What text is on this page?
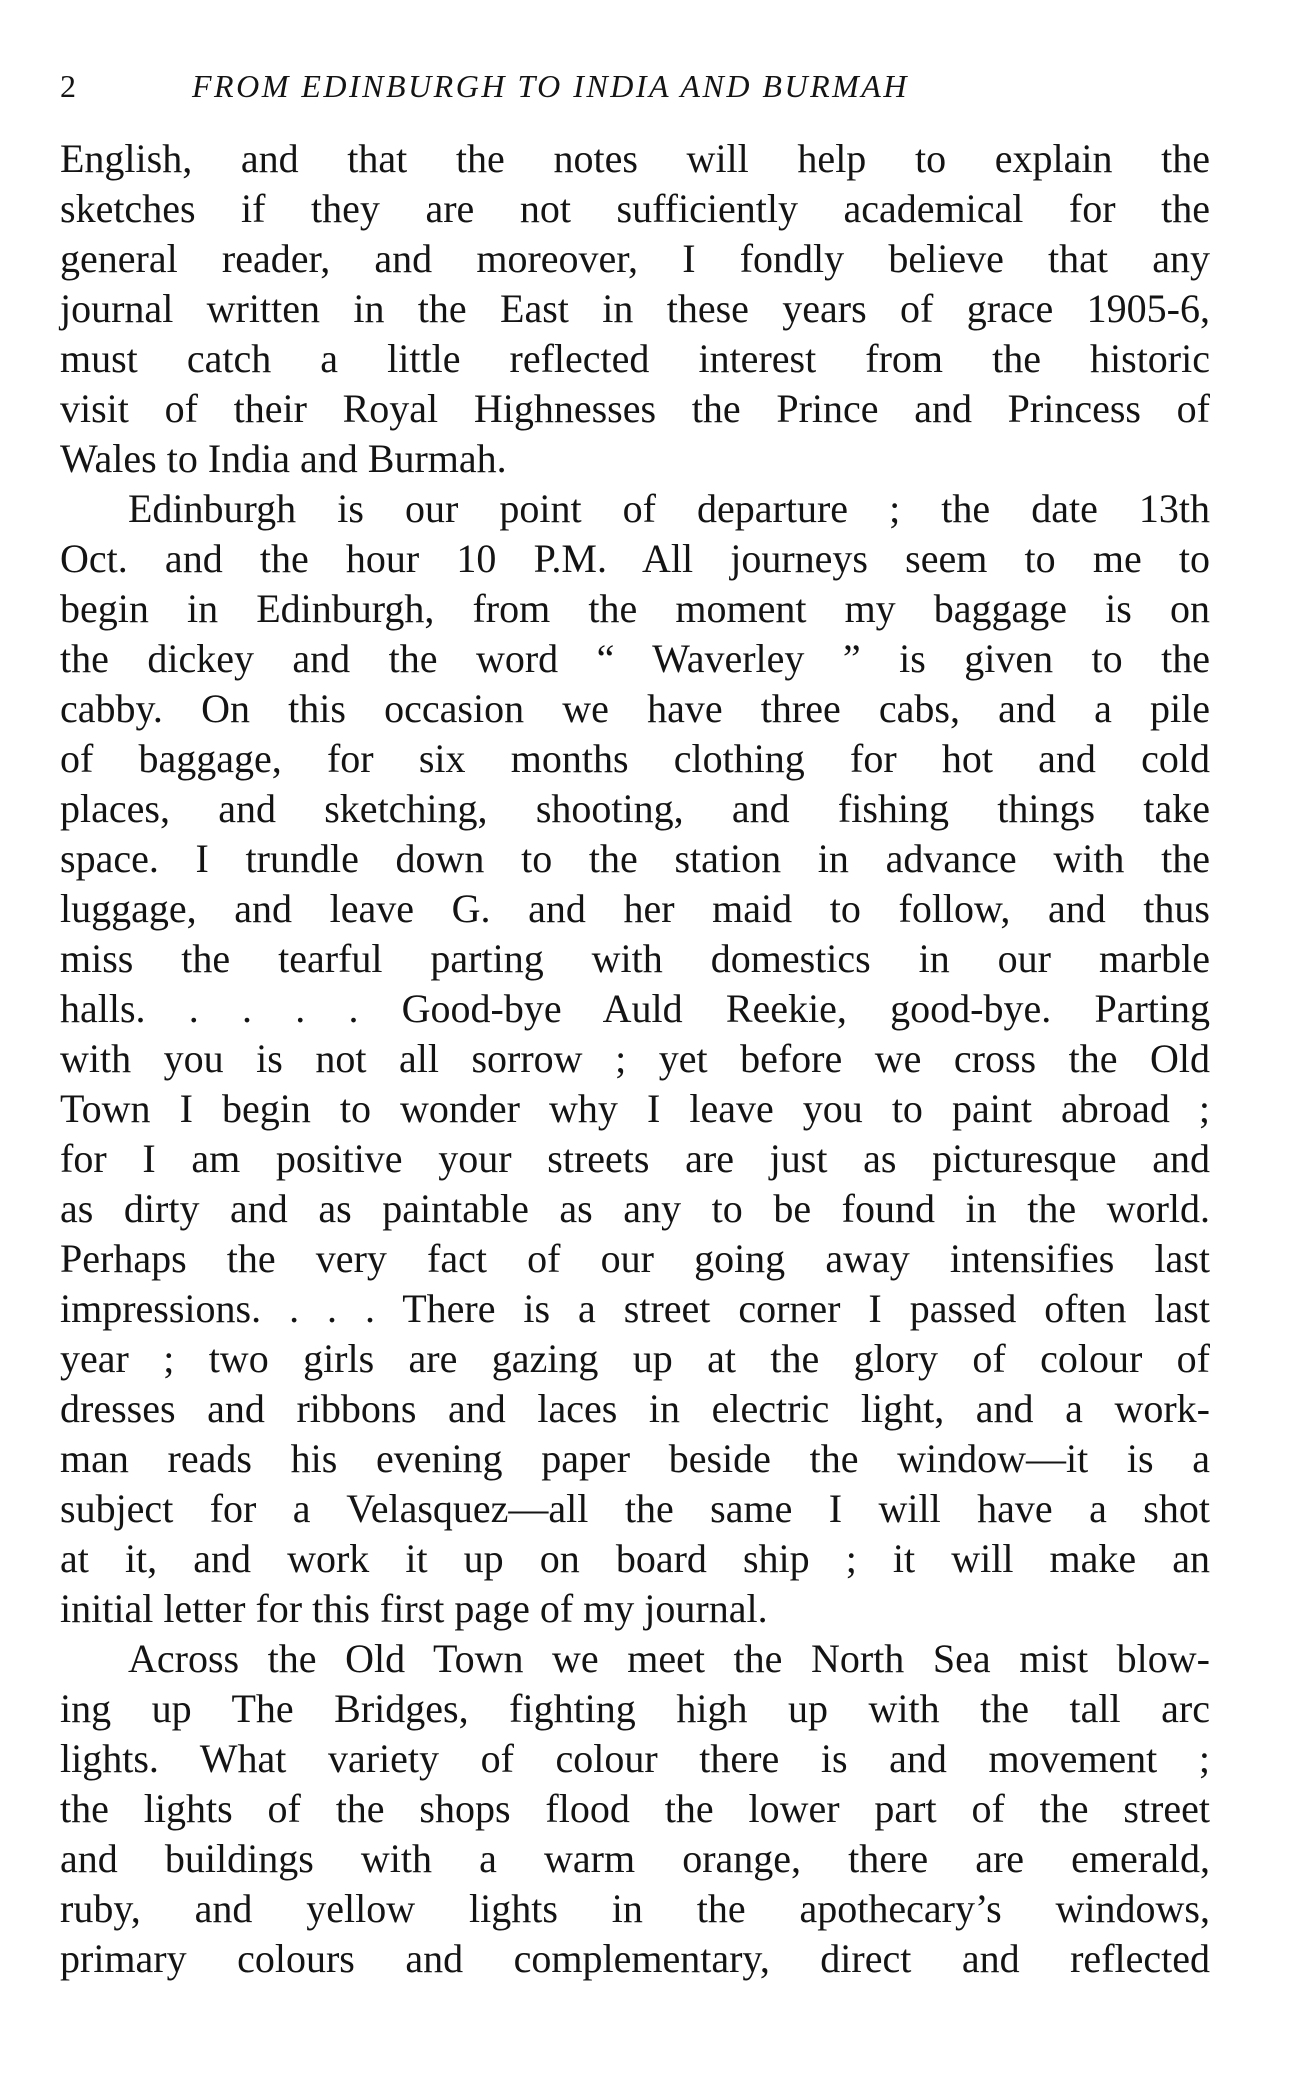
2	FROM EDINBURGH TO INDIA AND BURMAH
English, and that the notes will help to explain the
sketches if they are not sufficiently academical for the
general reader, and moreover, I fondly believe that any
journal written in the East in these years of grace 1905-6,
must catch a little reflected interest from the historic
visit of their Royal Highnesses the Prince and Princess of
Wales to India and Burmah.
Edinburgh is our point of departure ; the date 13th
Oct. and the hour 10 P.M. All journeys seem to me to
begin in Edinburgh, from the moment my baggage is on
the dickey and the word “ Waverley ” is given to the
cabby. On this occasion we have three cabs, and a pile
of baggage, for six months clothing for hot and cold
places, and sketching, shooting, and fishing things take
space. I trundle down to the station in advance with the
luggage, and leave G. and her maid to follow, and thus
miss the tearful parting with domestics in our marble
halls. . . . . Good-bye Auld Reekie, good-bye. Parting
with you is not all sorrow ; yet before we cross the Old
Town I begin to wonder why I leave you to paint abroad ;
for I am positive your streets are just as picturesque and
as dirty and as paintable as any to be found in the world.
Perhaps the very fact of our going away intensifies last
impressions. . . . There is a street corner I passed often last
year ; two girls are gazing up at the glory of colour of
dresses and ribbons and laces in electric light, and a work-
man reads his evening paper beside the window—it is a
subject for a Velasquez—all the same I will have a shot
at it, and work it up on board ship ; it will make an
initial letter for this first page of my journal.
Across the Old Town we meet the North Sea mist blow-
ing up The Bridges, fighting high up with the tall arc
lights. What variety of colour there is and movement ;
the lights of the shops flood the lower part of the street
and buildings with a warm orange, there are emerald,
ruby, and yellow lights in the apothecary’s windows,
primary colours and complementary, direct and reflected
